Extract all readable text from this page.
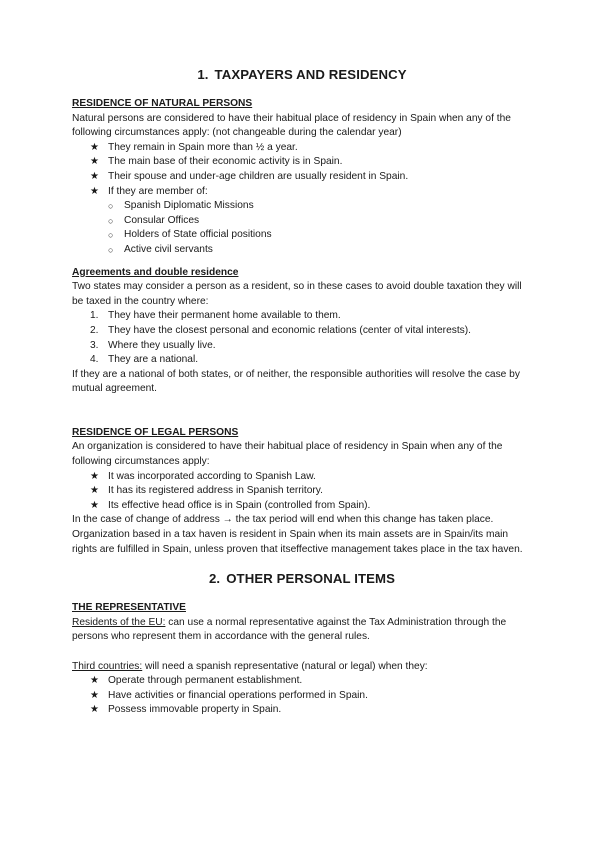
1. TAXPAYERS AND RESIDENCY
RESIDENCE OF NATURAL PERSONS

Natural persons are considered to have their habitual place of residency in Spain when any of the following circumstances apply: (not changeable during the calendar year)

★ They remain in Spain more than ½ a year.
★ The main base of their economic activity is in Spain.
★ Their spouse and under-age children are usually resident in Spain.
★ If they are member of:
○ Spanish Diplomatic Missions
○ Consular Offices
○ Holders of State official positions
○ Active civil servants
Agreements and double residence

Two states may consider a person as a resident, so in these cases to avoid double taxation they will be taxed in the country where:

1. They have their permanent home available to them.
2. They have the closest personal and economic relations (center of vital interests).
3. Where they usually live.
4. They are a national.

If they are a national of both states, or of neither, the responsible authorities will resolve the case by mutual agreement.

RESIDENCE OF LEGAL PERSONS

An organization is considered to have their habitual place of residency in Spain when any of the following circumstances apply:

★ It was incorporated according to Spanish Law.
★ It has its registered address in Spanish territory.
★ Its effective head office is in Spain (controlled from Spain).

In the case of change of address → the tax period will end when this change has taken place.

Organization based in a tax haven is resident in Spain when its main assets are in Spain/its main rights are fulfilled in Spain, unless proven that itseffective management takes place in the tax haven.

2. OTHER PERSONAL ITEMS
THE REPRESENTATIVE

Residents of the EU: can use a normal representative against the Tax Administration through the persons who represent them in accordance with the general rules.

Third countries: will need a spanish representative (natural or legal) when they:

★ Operate through permanent establishment.
★ Have activities or financial operations performed in Spain.
★ Possess immovable property in Spain.
